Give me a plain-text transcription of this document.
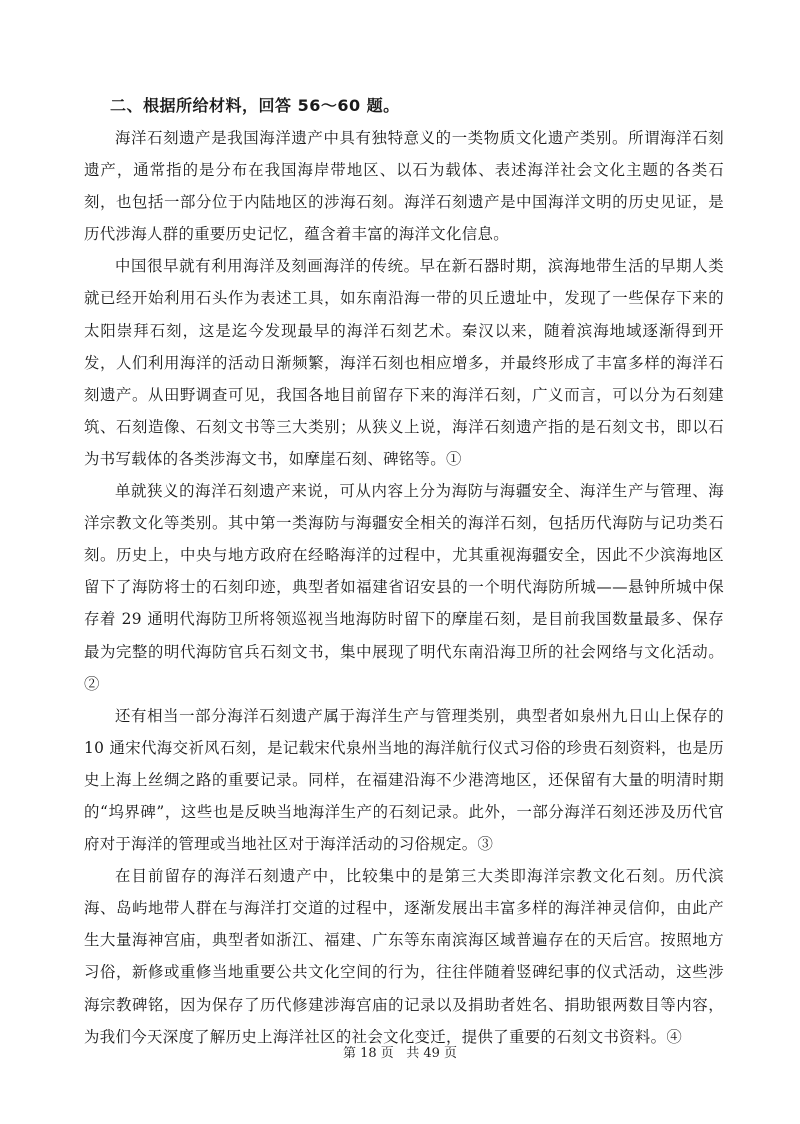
二、根据所给材料，回答 56～60 题。

海洋石刻遗产是我国海洋遗产中具有独特意义的一类物质文化遗产类别。所谓海洋石刻遗产，通常指的是分布在我国海岸带地区、以石为载体、表述海洋社会文化主题的各类石刻，也包括一部分位于内陆地区的涉海石刻。海洋石刻遗产是中国海洋文明的历史见证，是历代涉海人群的重要历史记忆，蕴含着丰富的海洋文化信息。

中国很早就有利用海洋及刻画海洋的传统。早在新石器时期，滨海地带生活的早期人类就已经开始利用石头作为表述工具，如东南沿海一带的贝丘遗址中，发现了一些保存下来的太阳崇拜石刻，这是迄今发现最早的海洋石刻艺术。秦汉以来，随着滨海地域逐渐得到开发，人们利用海洋的活动日渐频繁，海洋石刻也相应增多，并最终形成了丰富多样的海洋石刻遗产。从田野调查可见，我国各地目前留存下来的海洋石刻，广义而言，可以分为石刻建筑、石刻造像、石刻文书等三大类别；从狭义上说，海洋石刻遗产指的是石刻文书，即以石为书写载体的各类涉海文书，如摩崖石刻、碑铭等。①

单就狭义的海洋石刻遗产来说，可从内容上分为海防与海疆安全、海洋生产与管理、海洋宗教文化等类别。其中第一类海防与海疆安全相关的海洋石刻，包括历代海防与记功类石刻。历史上，中央与地方政府在经略海洋的过程中，尤其重视海疆安全，因此不少滨海地区留下了海防将士的石刻印迹，典型者如福建省诏安县的一个明代海防所城——悬钟所城中保存着 29 通明代海防卫所将领巡视当地海防时留下的摩崖石刻，是目前我国数量最多、保存最为完整的明代海防官兵石刻文书，集中展现了明代东南沿海卫所的社会网络与文化活动。②

还有相当一部分海洋石刻遗产属于海洋生产与管理类别，典型者如泉州九日山上保存的 10 通宋代海交祈风石刻，是记载宋代泉州当地的海洋航行仪式习俗的珍贵石刻资料，也是历史上海上丝绸之路的重要记录。同样，在福建沿海不少港湾地区，还保留有大量的明清时期的“坞界碑”，这些也是反映当地海洋生产的石刻记录。此外，一部分海洋石刻还涉及历代官府对于海洋的管理或当地社区对于海洋活动的习俗规定。③

在目前留存的海洋石刻遗产中，比较集中的是第三大类即海洋宗教文化石刻。历代滨海、岛屿地带人群在与海洋打交道的过程中，逐渐发展出丰富多样的海洋神灵信仰，由此产生大量海神宫庙，典型者如浙江、福建、广东等东南滨海区域普遍存在的天后宫。按照地方习俗，新修或重修当地重要公共文化空间的行为，往往伴随着竖碑纪事的仪式活动，这些涉海宗教碑铭，因为保存了历代修建涉海宫庙的记录以及捐助者姓名、捐助银两数目等内容，为我们今天深度了解历史上海洋社区的社会文化变迁，提供了重要的石刻文书资料。④

第 18 页   共 49 页
